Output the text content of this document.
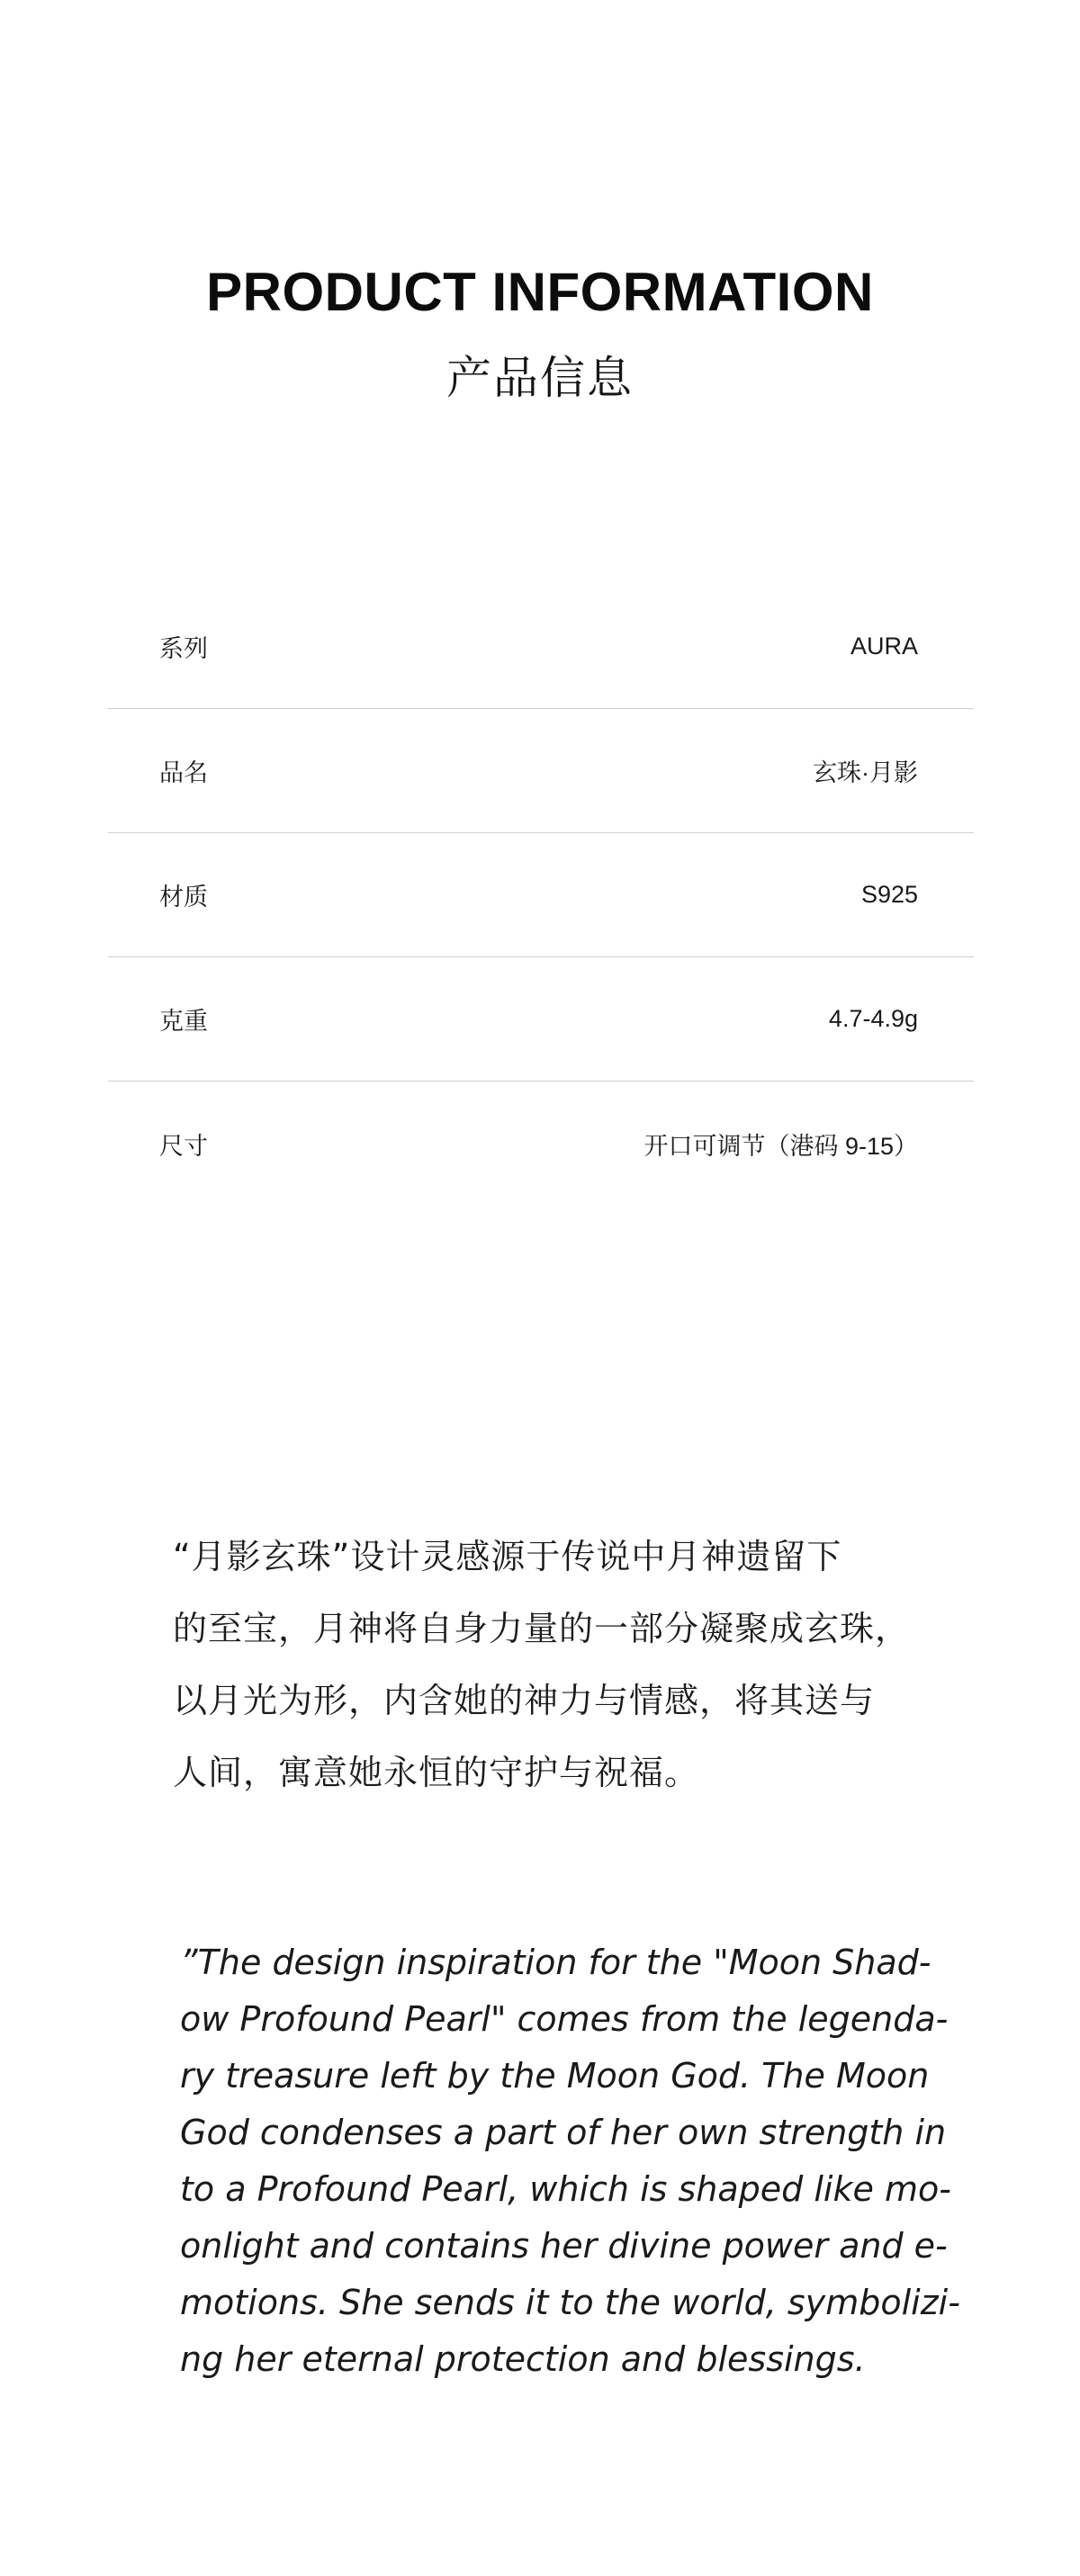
PRODUCT INFORMATION
产品信息
系列	AURA
品名	玄珠·月影
材质	S925
克重	4.7-4.9g
尺寸	开口可调节（港码 9-15）
“月影玄珠”设计灵感源于传说中月神遗留下
的至宝，月神将自身力量的一部分凝聚成玄珠，
以月光为形，内含她的神力与情感，将其送与
人间，寓意她永恒的守护与祝福。
”The design inspiration for the "Moon Shad-
ow Profound Pearl" comes from the legenda-
ry treasure left by the Moon God. The Moon
God condenses a part of her own strength in
to a Profound Pearl, which is shaped like mo-
onlight and contains her divine power and e-
motions. She sends it to the world, symbolizi-
ng her eternal protection and blessings.
